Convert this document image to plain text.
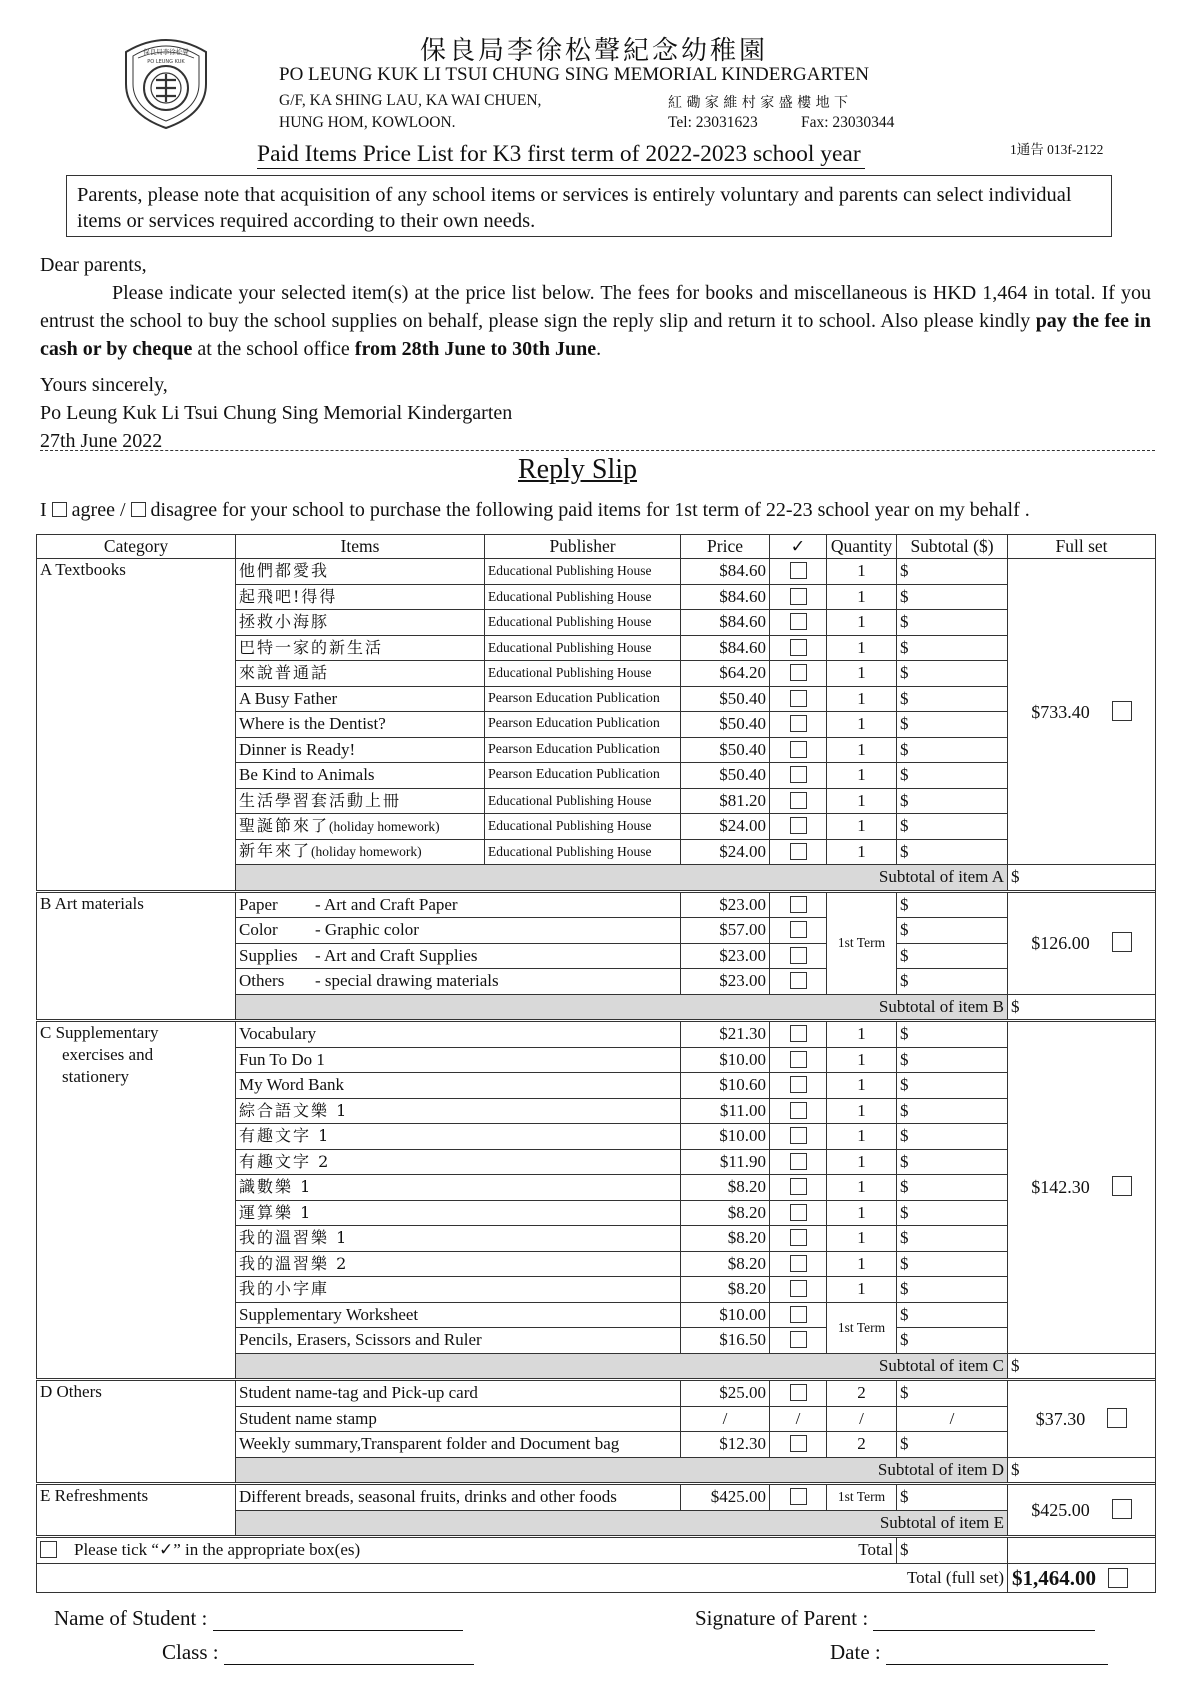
保良局李徐松聲
PO LEUNG KUK	保良局李徐松聲紀念幼稚園
PO LEUNG KUK LI TSUI CHUNG SING MEMORIAL KINDERGARTEN
G/F, KA SHING LAU, KA WAI CHUEN,
HUNG HOM, KOWLOON.
紅 磡 家 維 村 家 盛 樓 地 下
Tel: 23031623	Fax: 23030344
Paid Items Price List for K3 first term of 2022-2023 school year	1通告 013f-2122
Parents, please note that acquisition of any school items or services is entirely voluntary and parents can select individual items or services required according to their own needs.

Dear parents,

Please indicate your selected item(s) at the price list below. The fees for books and miscellaneous is HKD 1,464 in total. If you entrust the school to buy the school supplies on behalf, please sign the reply slip and return it to school. Also please kindly pay the fee in cash or by cheque at the school office from 28th June to 30th June.

Yours sincerely,

Po Leung Kuk Li Tsui Chung Sing Memorial Kindergarten

27th June 2022

Reply Slip
I agree / disagree for your school to purchase the following paid items for 1st term of 22-23 school year on my behalf .
Category	Items	Publisher	Price	✓	Quantity	Subtotal ($)	Full set	
A Textbooks	他們都愛我	Educational Publishing House	$84.60		1	$	$733.40	
	起飛吧!得得	Educational Publishing House	$84.60		1	$		
	拯救小海豚	Educational Publishing House	$84.60		1	$		
	巴特一家的新生活	Educational Publishing House	$84.60		1	$		
	來說普通話	Educational Publishing House	$64.20		1	$		
	A Busy Father	Pearson Education Publication	$50.40		1	$		
	Where is the Dentist?	Pearson Education Publication	$50.40		1	$		
	Dinner is Ready!	Pearson Education Publication	$50.40		1	$		
	Be Kind to Animals	Pearson Education Publication	$50.40		1	$		
	生活學習套活動上冊	Educational Publishing House	$81.20		1	$		
	聖誕節來了(holiday homework)	Educational Publishing House	$24.00		1	$		
	新年來了(holiday homework)	Educational Publishing House	$24.00		1	$		
	Subtotal of item A						$	
B Art materials	Paper - Art and Craft Paper		$23.00		1st Term	$	$126.00	
	Color - Graphic color		$57.00			$		
	Supplies - Art and Craft Supplies		$23.00			$		
	Others - special drawing materials		$23.00			$		
	Subtotal of item B						$	

C Supplementary
exercises and
stationery	Vocabulary		$21.30		1	$	$142.30	
	Fun To Do 1		$10.00		1	$		
	My Word Bank		$10.60		1	$		
	綜合語文樂 1		$11.00		1	$		
	有趣文字 1		$10.00		1	$		
	有趣文字 2		$11.90		1	$		
	識數樂 1		$8.20		1	$		
	運算樂 1		$8.20		1	$		
	我的溫習樂 1		$8.20		1	$		
	我的溫習樂 2		$8.20		1	$		
	我的小字庫		$8.20		1	$		
	Supplementary Worksheet		$10.00		1st Term	$		
	Pencils, Erasers, Scissors and Ruler		$16.50			$		
	Subtotal of item C						$	
D Others	Student name-tag and Pick-up card		$25.00		2	$	$37.30	
	Student name stamp		/	/	/	/		
	Weekly summary,Transparent folder and Document bag		$12.30		2	$		
	Subtotal of item D						$	
E Refreshments	Different breads, seasonal fruits, drinks and other foods		$425.00		1st Term	$	$425.00	
	Subtotal of item E	
Please tick “✓” in the appropriate box(es)					Total	$		
Total (full set)							$1,464.00	
Name of Student :
Class :
Signature of Parent :
Date :
